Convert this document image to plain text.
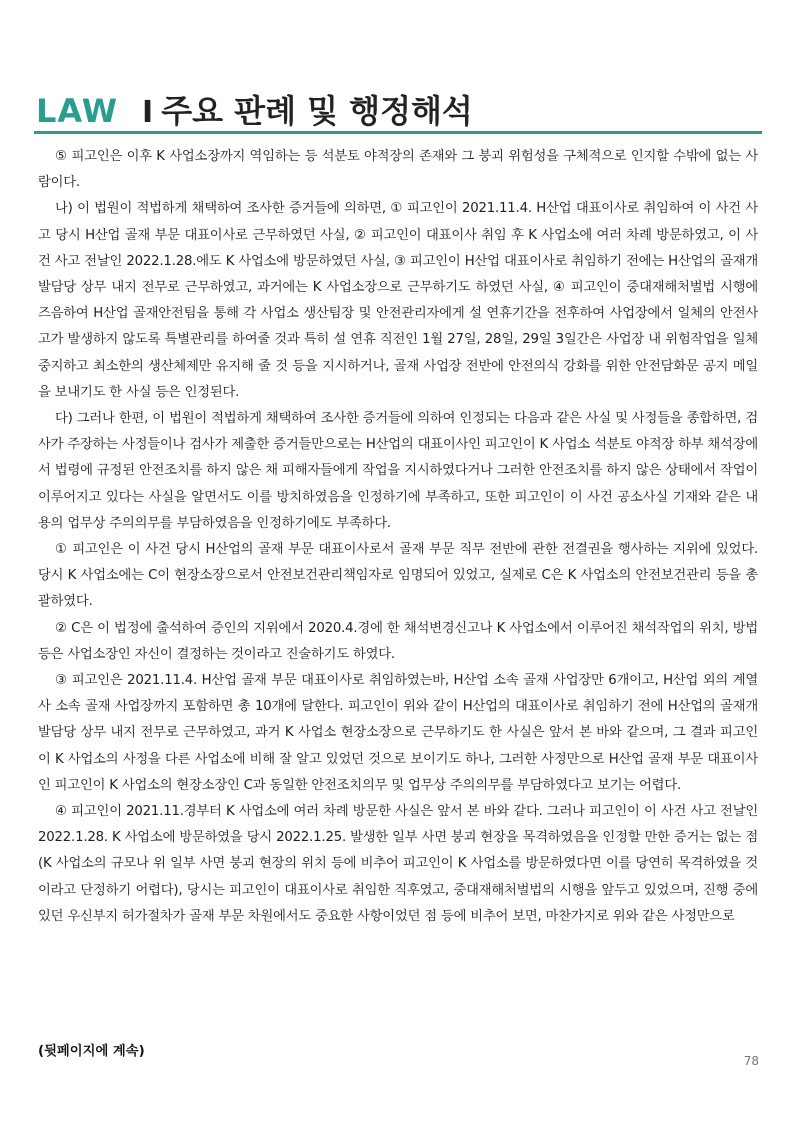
LAW I 주요 판례 및 행정해석

⑤ 피고인은 이후 K 사업소장까지 역임하는 등 석분토 야적장의 존재와 그 붕괴 위험성을 구체적으로 인지할 수밖에 없는 사람이다.

나) 이 법원이 적법하게 채택하여 조사한 증거들에 의하면, ① 피고인이 2021.11.4. H산업 대표이사로 취임하여 이 사건 사고 당시 H산업 골재 부문 대표이사로 근무하였던 사실, ② 피고인이 대표이사 취임 후 K 사업소에 여러 차례 방문하였고, 이 사건 사고 전날인 2022.1.28.에도 K 사업소에 방문하였던 사실, ③ 피고인이 H산업 대표이사로 취임하기 전에는 H산업의 골재개발담당 상무 내지 전무로 근무하였고, 과거에는 K 사업소장으로 근무하기도 하였던 사실, ④ 피고인이 중대재해처벌법 시행에 즈음하여 H산업 골재안전팀을 통해 각 사업소 생산팀장 및 안전관리자에게 설 연휴기간을 전후하여 사업장에서 일체의 안전사고가 발생하지 않도록 특별관리를 하여줄 것과 특히 설 연휴 직전인 1월 27일, 28일, 29일 3일간은 사업장 내 위험작업을 일체 중지하고 최소한의 생산체제만 유지해 줄 것 등을 지시하거나, 골재 사업장 전반에 안전의식 강화를 위한 안전담화문 공지 메일을 보내기도 한 사실 등은 인정된다.

다) 그러나 한편, 이 법원이 적법하게 채택하여 조사한 증거들에 의하여 인정되는 다음과 같은 사실 및 사정들을 종합하면, 검사가 주장하는 사정들이나 검사가 제출한 증거들만으로는 H산업의 대표이사인 피고인이 K 사업소 석분토 야적장 하부 채석장에서 법령에 규정된 안전조치를 하지 않은 채 피해자들에게 작업을 지시하였다거나 그러한 안전조치를 하지 않은 상태에서 작업이 이루어지고 있다는 사실을 알면서도 이를 방치하였음을 인정하기에 부족하고, 또한 피고인이 이 사건 공소사실 기재와 같은 내용의 업무상 주의의무를 부담하였음을 인정하기에도 부족하다.

① 피고인은 이 사건 당시 H산업의 골재 부문 대표이사로서 골재 부문 직무 전반에 관한 전결권을 행사하는 지위에 있었다. 당시 K 사업소에는 C이 현장소장으로서 안전보건관리책임자로 임명되어 있었고, 실제로 C은 K 사업소의 안전보건관리 등을 총괄하였다.

② C은 이 법정에 출석하여 증인의 지위에서 2020.4.경에 한 채석변경신고나 K 사업소에서 이루어진 채석작업의 위치, 방법 등은 사업소장인 자신이 결정하는 것이라고 진술하기도 하였다.

③ 피고인은 2021.11.4. H산업 골재 부문 대표이사로 취임하였는바, H산업 소속 골재 사업장만 6개이고, H산업 외의 계열사 소속 골재 사업장까지 포함하면 총 10개에 달한다. 피고인이 위와 같이 H산업의 대표이사로 취임하기 전에 H산업의 골재개발담당 상무 내지 전무로 근무하였고, 과거 K 사업소 현장소장으로 근무하기도 한 사실은 앞서 본 바와 같으며, 그 결과 피고인이 K 사업소의 사정을 다른 사업소에 비해 잘 알고 있었던 것으로 보이기도 하나, 그러한 사정만으로 H산업 골재 부문 대표이사인 피고인이 K 사업소의 현장소장인 C과 동일한 안전조치의무 및 업무상 주의의무를 부담하였다고 보기는 어렵다.

④ 피고인이 2021.11.경부터 K 사업소에 여러 차례 방문한 사실은 앞서 본 바와 같다. 그러나 피고인이 이 사건 사고 전날인 2022.1.28. K 사업소에 방문하였을 당시 2022.1.25. 발생한 일부 사면 붕괴 현장을 목격하였음을 인정할 만한 증거는 없는 점(K 사업소의 규모나 위 일부 사면 붕괴 현장의 위치 등에 비추어 피고인이 K 사업소를 방문하였다면 이를 당연히 목격하였을 것이라고 단정하기 어렵다), 당시는 피고인이 대표이사로 취임한 직후였고, 중대재해처벌법의 시행을 앞두고 있었으며, 진행 중에 있던 우신부지 허가절차가 골재 부문 차원에서도 중요한 사항이었던 점 등에 비추어 보면, 마찬가지로 위와 같은 사정만으로

(뒷페이지에 계속)
78
